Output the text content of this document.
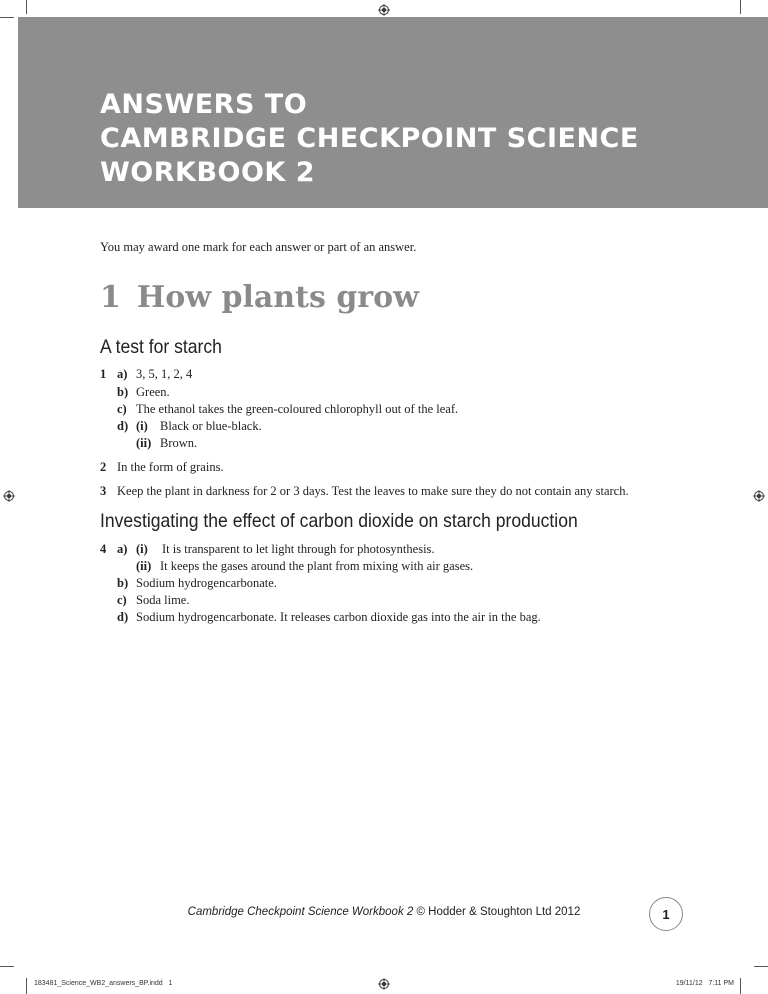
ANSWERS TO
CAMBRIDGE CHECKPOINT SCIENCE
WORKBOOK 2

You may award one mark for each answer or part of an answer.

1 How plants grow
A test for starch
1 a) 3, 5, 1, 2, 4
b) Green.
c) The ethanol takes the green-coloured chlorophyll out of the leaf.
d) (i) Black or blue-black.
(ii) Brown.
2 In the form of grains.
3 Keep the plant in darkness for 2 or 3 days. Test the leaves to make sure they do not contain any starch.
Investigating the effect of carbon dioxide on starch production
4 a) (i) It is transparent to let light through for photosynthesis.
(ii) It keeps the gases around the plant from mixing with air gases.
b) Sodium hydrogencarbonate.
c) Soda lime.
d) Sodium hydrogencarbonate. It releases carbon dioxide gas into the air in the bag.
Cambridge Checkpoint Science Workbook 2 © Hodder & Stoughton Ltd 2012	1
183481_Science_WB2_answers_BP.indd   1	19/11/12   7:11 PM
